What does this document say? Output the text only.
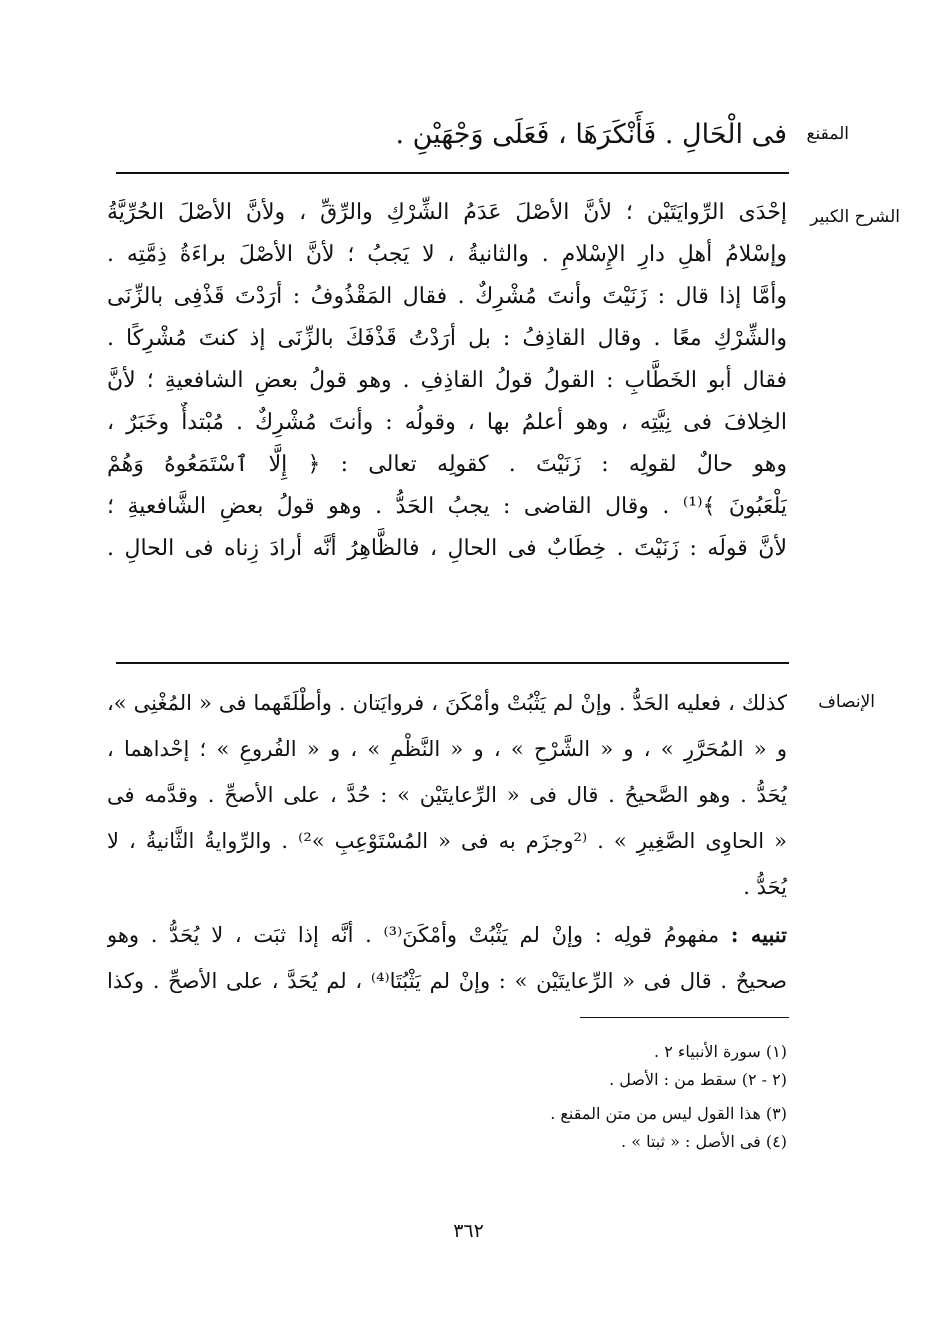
المقنع
فى الْحَالِ . فَأَنْكَرَهَا ، فَعَلَى وَجْهَيْنِ .
الشرح الكبير
إحْدَى الرِّوايَتَيْن ؛ لأنَّ الأصْلَ عَدَمُ الشِّرْكِ والرِّقِّ ، ولأنَّ الأصْلَ الحُرِّيَّةُ
وإسْلامُ أهلِ دارِ الإِسْلامِ . والثانيةُ ، لا يَجبُ ؛ لأنَّ الأصْلَ براءَةُ ذِمَّتِه .
وأمَّا إذا قال : زَنَيْتَ وأنتَ مُشْرِكٌ . فقال المَقْذُوفُ : أرَدْتَ قَذْفِى بالزِّنَى
والشِّرْكِ معًا . وقال القاذِفُ : بل أرَدْتُ قَذْفَكَ بالزِّنَى إذ كنتَ مُشْرِكًا .
فقال أبو الخَطَّابِ : القولُ قولُ القاذِفِ . وهو قولُ بعضِ الشافعيةِ ؛ لأنَّ
الخِلافَ فى نِيَّتِه ، وهو أعلمُ بها ، وقولُه : وأنتَ مُشْرِكٌ . مُبْتدأٌ وخَبَرٌ ،
وهو حالٌ لقولِه : زَنَيْتَ . كقولِه تعالى : ﴿ إِلَّا ٱسْتَمَعُوهُ وَهُمْ
يَلْعَبُونَ ﴾⁽¹⁾ . وقال القاضى : يجبُ الحَدُّ . وهو قولُ بعضِ الشَّافعيةِ ؛
لأنَّ قولَه : زَنَيْتَ . خِطَابٌ فى الحالِ ، فالظَّاهِرُ أنَّه أرادَ زِناه فى الحالِ .
الإنصاف
كذلك ، فعليه الحَدُّ . وإنْ لم يَثْبُتْ وأمْكَنَ ، فروايَتان . وأطْلَقَهما فى « المُغْنِى »،
و « المُحَرَّرِ » ، و « الشَّرْحِ » ، و « النَّظْمِ » ، و « الفُروعِ » ؛ إحْداهما ،
يُحَدُّ . وهو الصَّحيحُ . قال فى « الرِّعايتَيْن » : حُدَّ ، على الأصحِّ . وقدَّمه فى
« الحاوِى الصَّغِيرِ » . ⁽²وجزَم به فى « المُسْتَوْعِبِ »²⁾ . والرِّوايةُ الثَّانيةُ ، لا
يُحَدُّ .
تنبيه : مفهومُ قولِه : وإنْ لم يَثْبُتْ وأمْكَنَ⁽³⁾ . أنَّه إذا ثبَت ، لا يُحَدُّ . وهو
صحيحٌ . قال فى « الرِّعايتَيْن » : وإنْ لم يَثْبُتَا⁽⁴⁾ ، لم يُحَدَّ ، على الأصحِّ . وكذا
(١) سورة الأنبياء ٢ .
(٢ - ٢) سقط من : الأصل .
(٣) هذا القول ليس من متن المقنع .
(٤) فى الأصل : « ثبتا » .
٣٦٢
